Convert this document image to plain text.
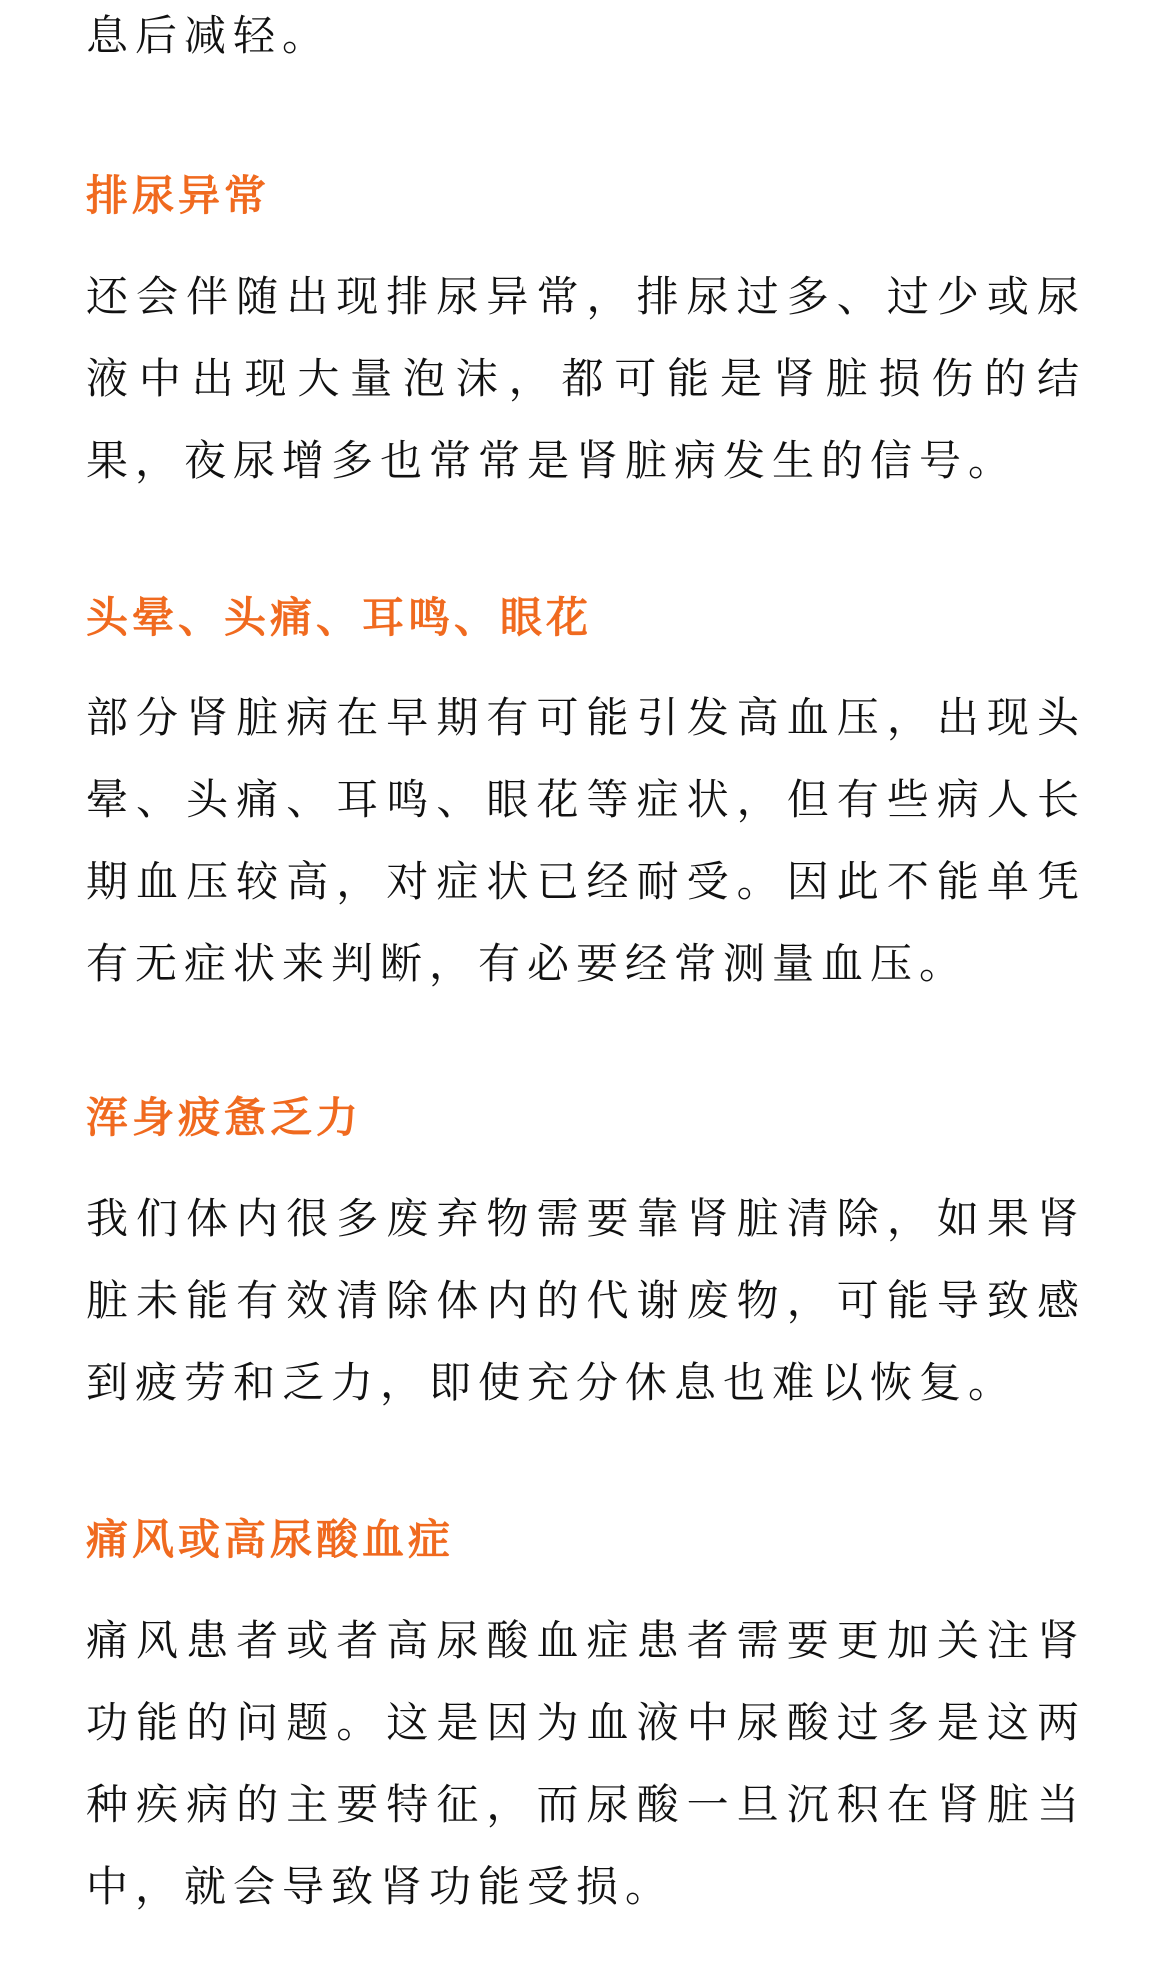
息后减轻。

排尿异常

还会伴随出现排尿异常，排尿过多、过少或尿液中出现大量泡沫，都可能是肾脏损伤的结果，夜尿增多也常常是肾脏病发生的信号。

头晕、头痛、耳鸣、眼花

部分肾脏病在早期有可能引发高血压，出现头晕、头痛、耳鸣、眼花等症状，但有些病人长期血压较高，对症状已经耐受。因此不能单凭有无症状来判断，有必要经常测量血压。

浑身疲惫乏力

我们体内很多废弃物需要靠肾脏清除，如果肾脏未能有效清除体内的代谢废物，可能导致感到疲劳和乏力，即使充分休息也难以恢复。

痛风或高尿酸血症

痛风患者或者高尿酸血症患者需要更加关注肾功能的问题。这是因为血液中尿酸过多是这两种疾病的主要特征，而尿酸一旦沉积在肾脏当中，就会导致肾功能受损。
